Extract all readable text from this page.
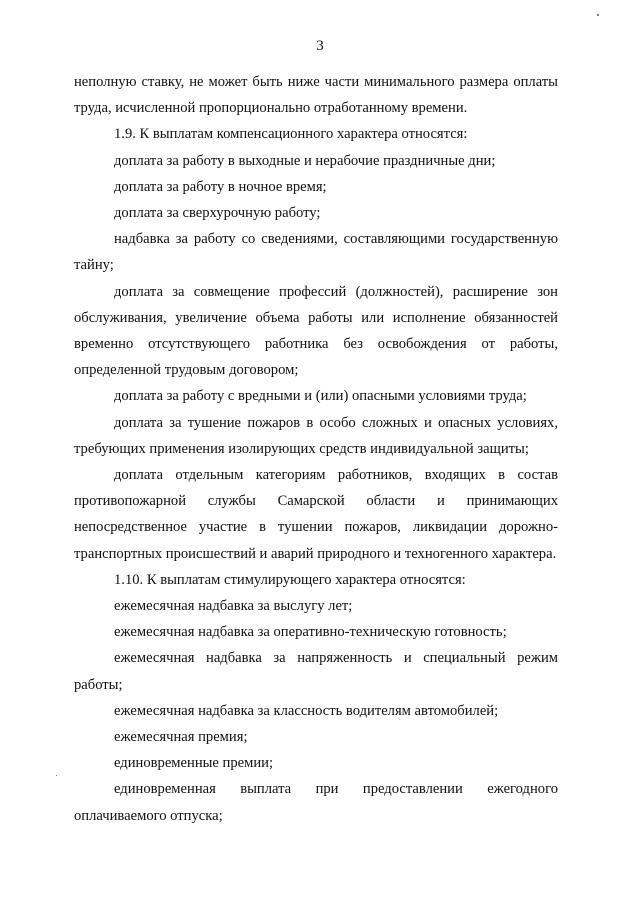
3

неполную ставку, не может быть ниже части минимального размера оплаты труда, исчисленной пропорционально отработанному времени.

1.9. К выплатам компенсационного характера относятся:

доплата за работу в выходные и нерабочие праздничные дни;

доплата за работу в ночное время;

доплата за сверхурочную работу;

надбавка за работу со сведениями, составляющими государственную тайну;

доплата за совмещение профессий (должностей), расширение зон обслуживания, увеличение объема работы или исполнение обязанностей временно отсутствующего работника без освобождения от работы, определенной трудовым договором;

доплата за работу с вредными и (или) опасными условиями труда;

доплата за тушение пожаров в особо сложных и опасных условиях, требующих применения изолирующих средств индивидуальной защиты;

доплата отдельным категориям работников, входящих в состав противопожарной службы Самарской области и принимающих непосредственное участие в тушении пожаров, ликвидации дорожно-транспортных происшествий и аварий природного и техногенного характера.

1.10. К выплатам стимулирующего характера относятся:

ежемесячная надбавка за выслугу лет;

ежемесячная надбавка за оперативно-техническую готовность;

ежемесячная надбавка за напряженность и специальный режим работы;

ежемесячная надбавка за классность водителям автомобилей;

ежемесячная премия;

единовременные премии;

единовременная выплата при предоставлении ежегодного оплачиваемого отпуска;
